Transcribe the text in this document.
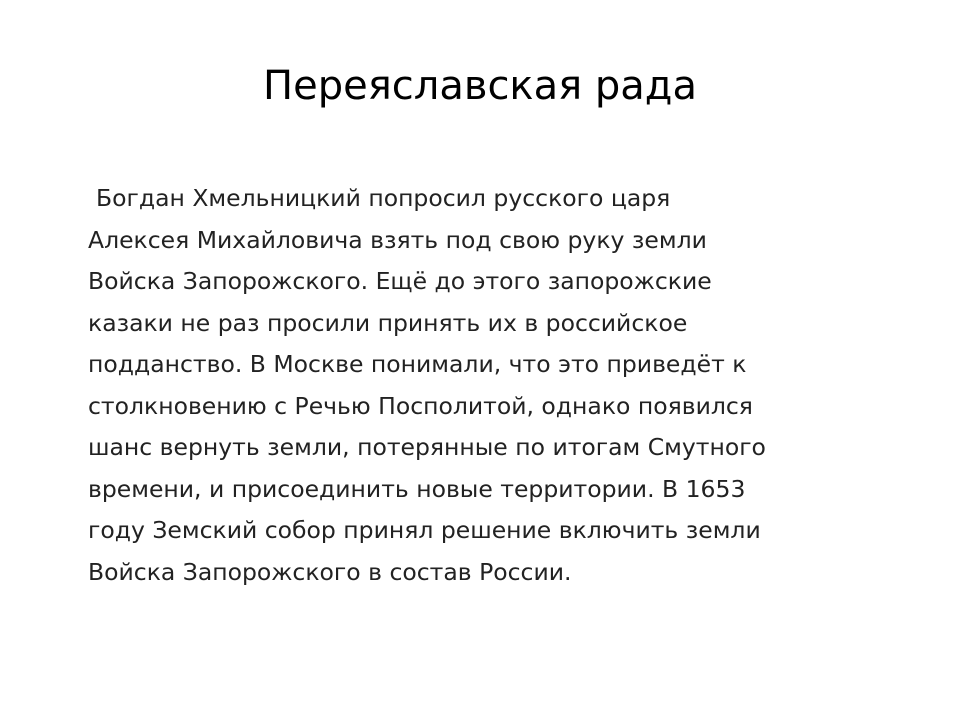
Переяславская рада
Богдан Хмельницкий попросил русского царя
Алексея Михайловича взять под свою руку земли
Войска Запорожского. Ещё до этого запорожские
казаки не раз просили принять их в российское
подданство. В Москве понимали, что это приведёт к
столкновению с Речью Посполитой, однако появился
шанс вернуть земли, потерянные по итогам Смутного
времени, и присоединить новые территории. В 1653
году Земский собор принял решение включить земли
Войска Запорожского в состав России.
